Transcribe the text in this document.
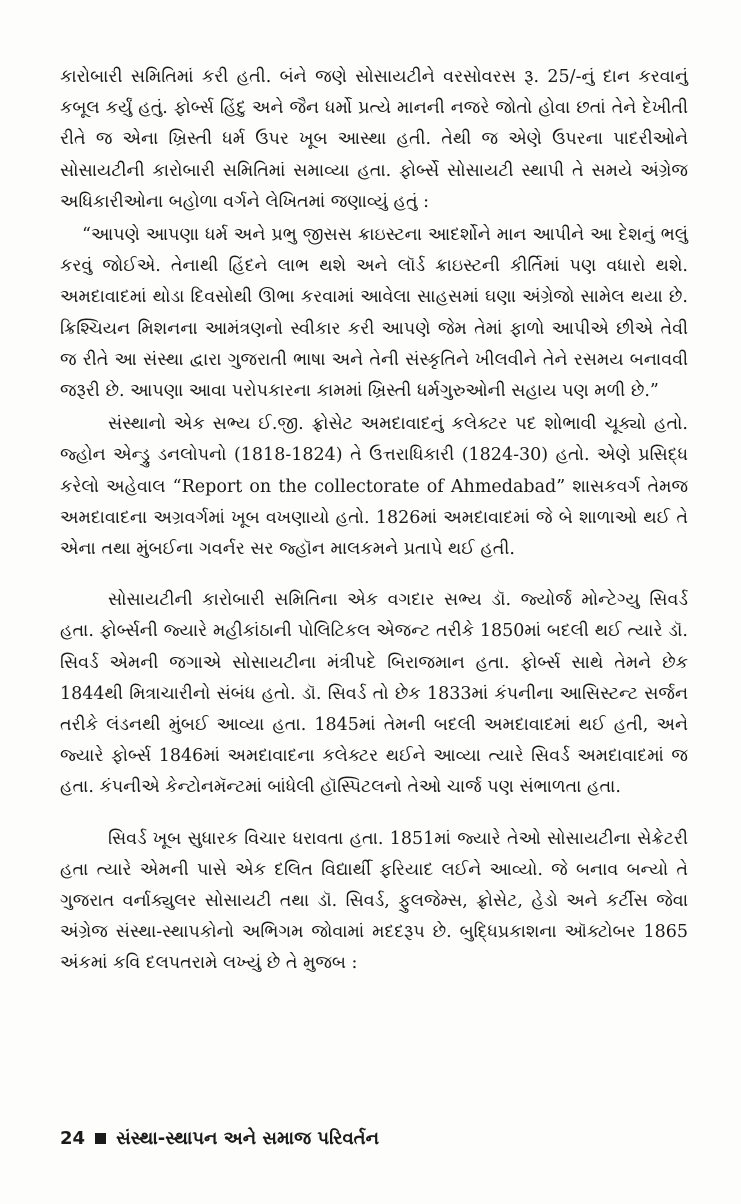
કારોબારી સમિતિમાં કરી હતી. બંને જણે સોસાયટીને વરસોવરસ રૂ. 25/-નું દાન કરવાનું કબૂલ કર્યું હતું. ફોર્બ્સ હિંદુ અને જૈન ધર્મો પ્રત્યે માનની નજરે જોતો હોવા છતાં તેને દેખીતી રીતે જ એના ખ્રિસ્તી ધર્મ ઉપર ખૂબ આસ્થા હતી. તેથી જ એણે ઉપરના પાદરીઓને સોસાયટીની કારોબારી સમિતિમાં સમાવ્યા હતા. ફોર્બ્સે સોસાયટી સ્થાપી તે સમયે અંગ્રેજ અધિકારીઓના બહોળા વર્ગને લેખિતમાં જણાવ્યું હતું :

“આપણે આપણા ધર્મ અને પ્રભુ જીસસ ક્રાઇસ્ટના આદર્શોને માન આપીને આ દેશનું ભલું કરવું જોઈએ. તેનાથી હિંદને લાભ થશે અને લૉર્ડ ક્રાઇસ્ટની કીર્તિમાં પણ વધારો થશે. અમદાવાદમાં થોડા દિવસોથી ઊભા કરવામાં આવેલા સાહસમાં ઘણા અંગ્રેજો સામેલ થયા છે. ક્રિશ્ચિયન મિશનના આમંત્રણનો સ્વીકાર કરી આપણે જેમ તેમાં ફાળો આપીએ છીએ તેવી જ રીતે આ સંસ્થા દ્વારા ગુજરાતી ભાષા અને તેની સંસ્કૃતિને ખીલવીને તેને રસમય બનાવવી જરૂરી છે. આપણા આવા પરોપકારના કામમાં ખ્રિસ્તી ધર્મગુરુઓની સહાય પણ મળી છે.”

સંસ્થાનો એક સભ્ય ઈ.જી. ફ્રોસેટ અમદાવાદનું કલેક્ટર પદ શોભાવી ચૂક્યો હતો. જ્હોન એન્ડ્રુ ડનલોપનો (1818-1824) તે ઉત્તરાધિકારી (1824-30) હતો. એણે પ્રસિદ્ધ કરેલો અહેવાલ “Report on the collectorate of Ahmedabad” શાસકવર્ગ તેમજ અમદાવાદના અગ્રવર્ગમાં ખૂબ વખણાયો હતો. 1826માં અમદાવાદમાં જે બે શાળાઓ થઈ તે એના તથા મુંબઈના ગવર્નર સર જ્હૉન માલકમને પ્રતાપે થઈ હતી.

સોસાયટીની કારોબારી સમિતિના એક વગદાર સભ્ય ડૉ. જ્યોર્જ મોન્ટેગ્યુ સિવર્ડ હતા. ફોર્બ્સની જ્યારે મહીકાંઠાની પોલિટિકલ એજન્ટ તરીકે 1850માં બદલી થઈ ત્યારે ડૉ. સિવર્ડ એમની જગાએ સોસાયટીના મંત્રીપદે બિરાજમાન હતા. ફોર્બ્સ સાથે તેમને છેક 1844થી મિત્રાચારીનો સંબંધ હતો. ડૉ. સિવર્ડ તો છેક 1833માં કંપનીના આસિસ્ટન્ટ સર્જન તરીકે લંડનથી મુંબઈ આવ્યા હતા. 1845માં તેમની બદલી અમદાવાદમાં થઈ હતી, અને જ્યારે ફોર્બ્સ 1846માં અમદાવાદના કલેક્ટર થઈને આવ્યા ત્યારે સિવર્ડ અમદાવાદમાં જ હતા. કંપનીએ કેન્ટોનમૅન્ટમાં બાંધેલી હૉસ્પિટલનો તેઓ ચાર્જ પણ સંભાળતા હતા.

સિવર્ડ ખૂબ સુધારક વિચાર ધરાવતા હતા. 1851માં જ્યારે તેઓ સોસાયટીના સેક્રેટરી હતા ત્યારે એમની પાસે એક દલિત વિદ્યાર્થી ફરિયાદ લઈને આવ્યો. જે બનાવ બન્યો તે ગુજરાત વર્નાક્યુલર સોસાયટી તથા ડૉ. સિવર્ડ, ફુલજેમ્સ, ફ્રોસેટ, હેડો અને કર્ટીસ જેવા અંગ્રેજ સંસ્થા-સ્થાપકોનો અભિગમ જોવામાં મદદરૂપ છે. બુદ્ધિપ્રકાશના ઑક્ટોબર 1865 અંકમાં કવિ દલપતરામે લખ્યું છે તે મુજબ :

24 સંસ્થા-સ્થાપન અને સમાજ પરિવર્તન
